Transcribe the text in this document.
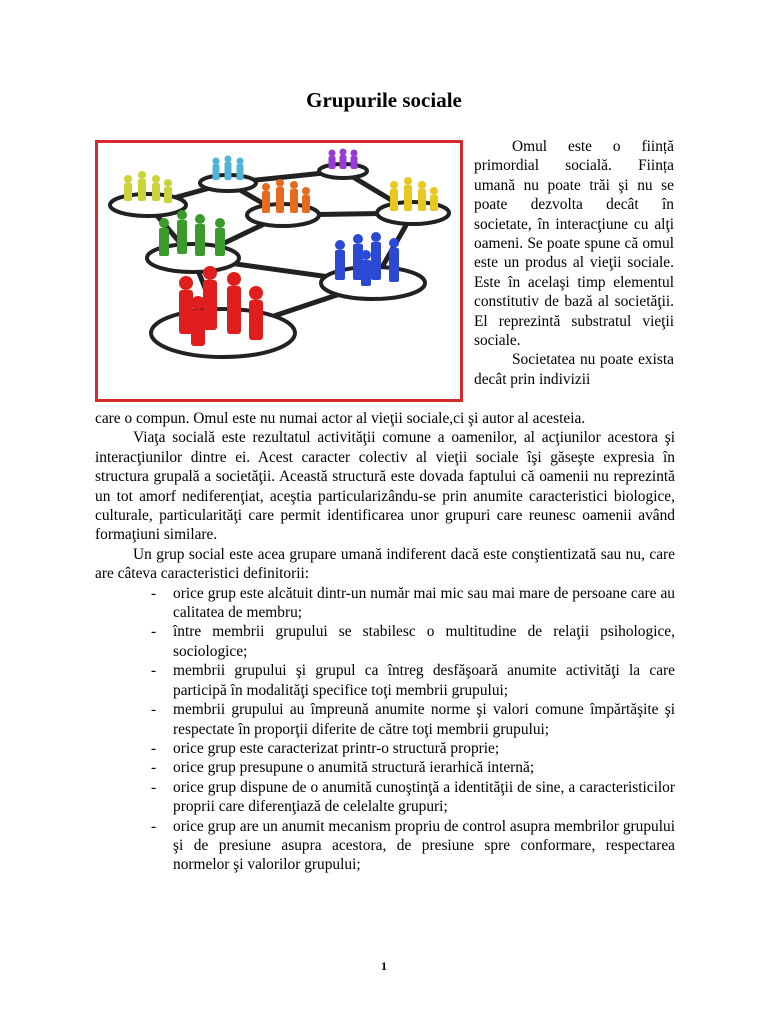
Grupurile sociale

Omul este o ființă primordial socială. Ființa umană nu poate trăi şi nu se poate dezvolta decât în societate, în interacţiune cu alţi oameni. Se poate spune că omul este un produs al vieţii sociale. Este în acelaşi timp elementul constitutiv de bază al societăţii. El reprezintă substratul vieţii sociale.

Societatea nu poate exista decât prin indivizii

care o compun. Omul este nu numai actor al vieţii sociale,ci şi autor al acesteia.

Viaţa socială este rezultatul activităţii comune a oamenilor, al acţiunilor acestora şi interacţiunilor dintre ei. Acest caracter colectiv al vieţii sociale îşi găseşte expresia în structura grupală a societăţii. Această structură este dovada faptului că oamenii nu reprezintă un tot amorf nediferenţiat, aceştia particularizându-se prin anumite caracteristici biologice, culturale, particularităţi care permit identificarea unor grupuri care reunesc oamenii având formaţiuni similare.

Un grup social este acea grupare umană indiferent dacă este conştientizată sau nu, care are câteva caracteristici definitorii:

- orice grup este alcătuit dintr-un număr mai mic sau mai mare de persoane care au calitatea de membru;
- între membrii grupului se stabilesc o multitudine de relaţii psihologice, sociologice;
- membrii grupului şi grupul ca întreg desfăşoară anumite activităţi la care participă în modalităţi specifice toţi membrii grupului;
- membrii grupului au împreună anumite norme şi valori comune împărtăşite şi respectate în proporţii diferite de către toţi membrii grupului;
- orice grup este caracterizat printr-o structură proprie;
- orice grup presupune o anumită structură ierarhică internă;
- orice grup dispune de o anumită cunoştinţă a identităţii de sine, a caracteristicilor proprii care diferenţiază de celelalte grupuri;
- orice grup are un anumit mecanism propriu de control asupra membrilor grupului şi de presiune asupra acestora, de presiune spre conformare, respectarea normelor şi valorilor grupului;
1
